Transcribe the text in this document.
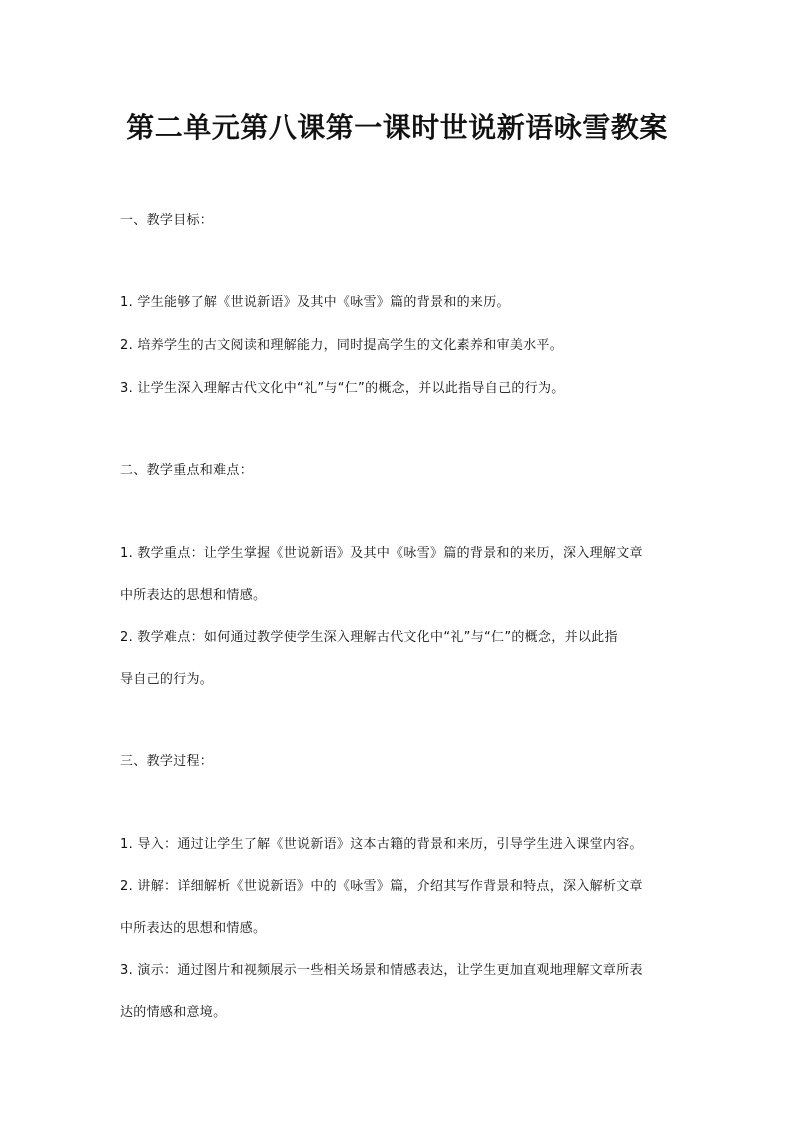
第二单元第八课第一课时世说新语咏雪教案
一、教学目标：
1. 学生能够了解《世说新语》及其中《咏雪》篇的背景和的来历。
2. 培养学生的古文阅读和理解能力，同时提高学生的文化素养和审美水平。
3. 让学生深入理解古代文化中“礼”与“仁”的概念，并以此指导自己的行为。
二、教学重点和难点：
1. 教学重点：让学生掌握《世说新语》及其中《咏雪》篇的背景和的来历，深入理解文章
中所表达的思想和情感。
2. 教学难点：如何通过教学使学生深入理解古代文化中“礼”与“仁”的概念，并以此指
导自己的行为。
三、教学过程：
1. 导入：通过让学生了解《世说新语》这本古籍的背景和来历，引导学生进入课堂内容。
2. 讲解：详细解析《世说新语》中的《咏雪》篇，介绍其写作背景和特点，深入解析文章
中所表达的思想和情感。
3. 演示：通过图片和视频展示一些相关场景和情感表达，让学生更加直观地理解文章所表
达的情感和意境。
